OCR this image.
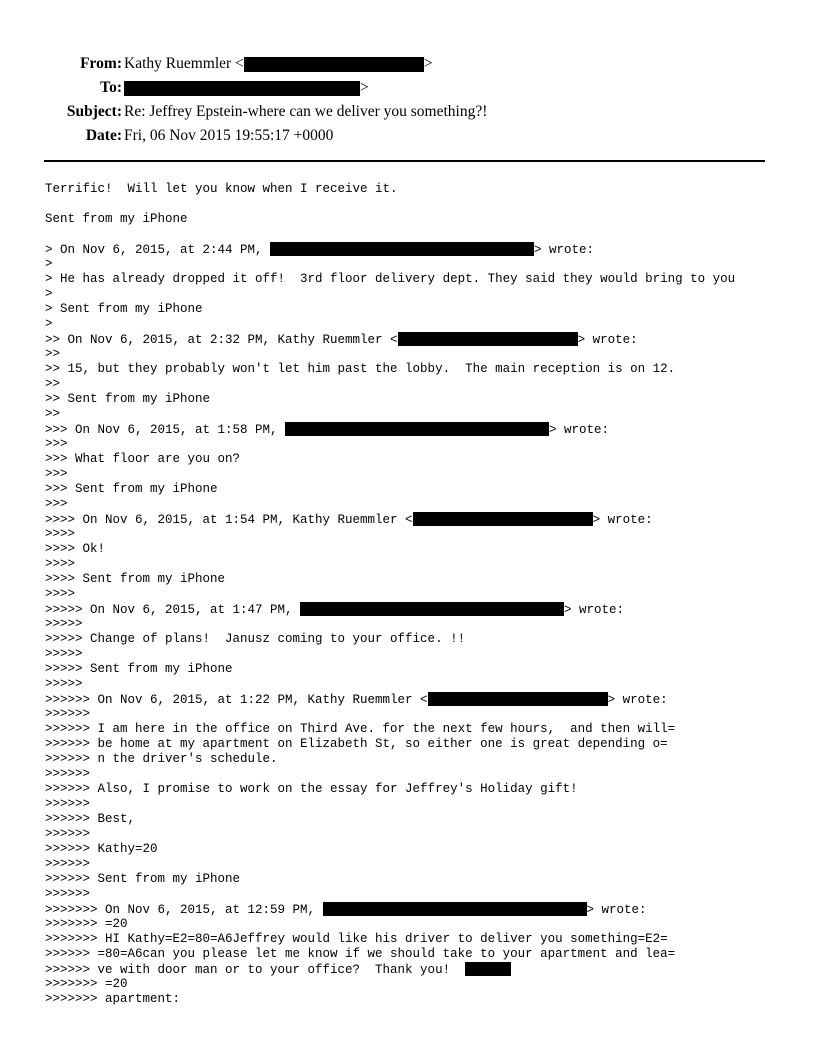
From: Kathy Ruemmler <	>
To:	>
Subject: Re: Jeffrey Epstein-where can we deliver you something?!
Date: Fri, 06 Nov 2015 19:55:17 +0000
Terrific!  Will let you know when I receive it.
Sent from my iPhone
> On Nov 6, 2015, at 2:44 PM,	> wrote:
>
> He has already dropped it off!  3rd floor delivery dept. They said they would bring to you
>
> Sent from my iPhone
>
>> On Nov 6, 2015, at 2:32 PM, Kathy Ruemmler <	> wrote:
>>
>> 15, but they probably won't let him past the lobby.  The main reception is on 12.
>>
>> Sent from my iPhone
>>
>>> On Nov 6, 2015, at 1:58 PM,	> wrote:
>>>
>>> What floor are you on?
>>>
>>> Sent from my iPhone
>>>
>>>> On Nov 6, 2015, at 1:54 PM, Kathy Ruemmler <	> wrote:
>>>>
>>>> Ok!
>>>>
>>>> Sent from my iPhone
>>>>
>>>>> On Nov 6, 2015, at 1:47 PM,	> wrote:
>>>>>
>>>>> Change of plans!  Janusz coming to your office. !!
>>>>>
>>>>> Sent from my iPhone
>>>>>
>>>>>> On Nov 6, 2015, at 1:22 PM, Kathy Ruemmler <	> wrote:
>>>>>>
>>>>>> I am here in the office on Third Ave. for the next few hours,  and then will=
>>>>>> be home at my apartment on Elizabeth St, so either one is great depending o=
>>>>>> n the driver's schedule.
>>>>>>
>>>>>> Also, I promise to work on the essay for Jeffrey's Holiday gift!
>>>>>>
>>>>>> Best,
>>>>>>
>>>>>> Kathy=20
>>>>>>
>>>>>> Sent from my iPhone
>>>>>>
>>>>>>> On Nov 6, 2015, at 12:59 PM,	> wrote:
>>>>>>> =20
>>>>>>> HI Kathy=E2=80=A6Jeffrey would like his driver to deliver you something=E2=
>>>>>> =80=A6can you please let me know if we should take to your apartment and lea=
>>>>>> ve with door man or to your office?  Thank you!
>>>>>>> =20
>>>>>>> apartment:
